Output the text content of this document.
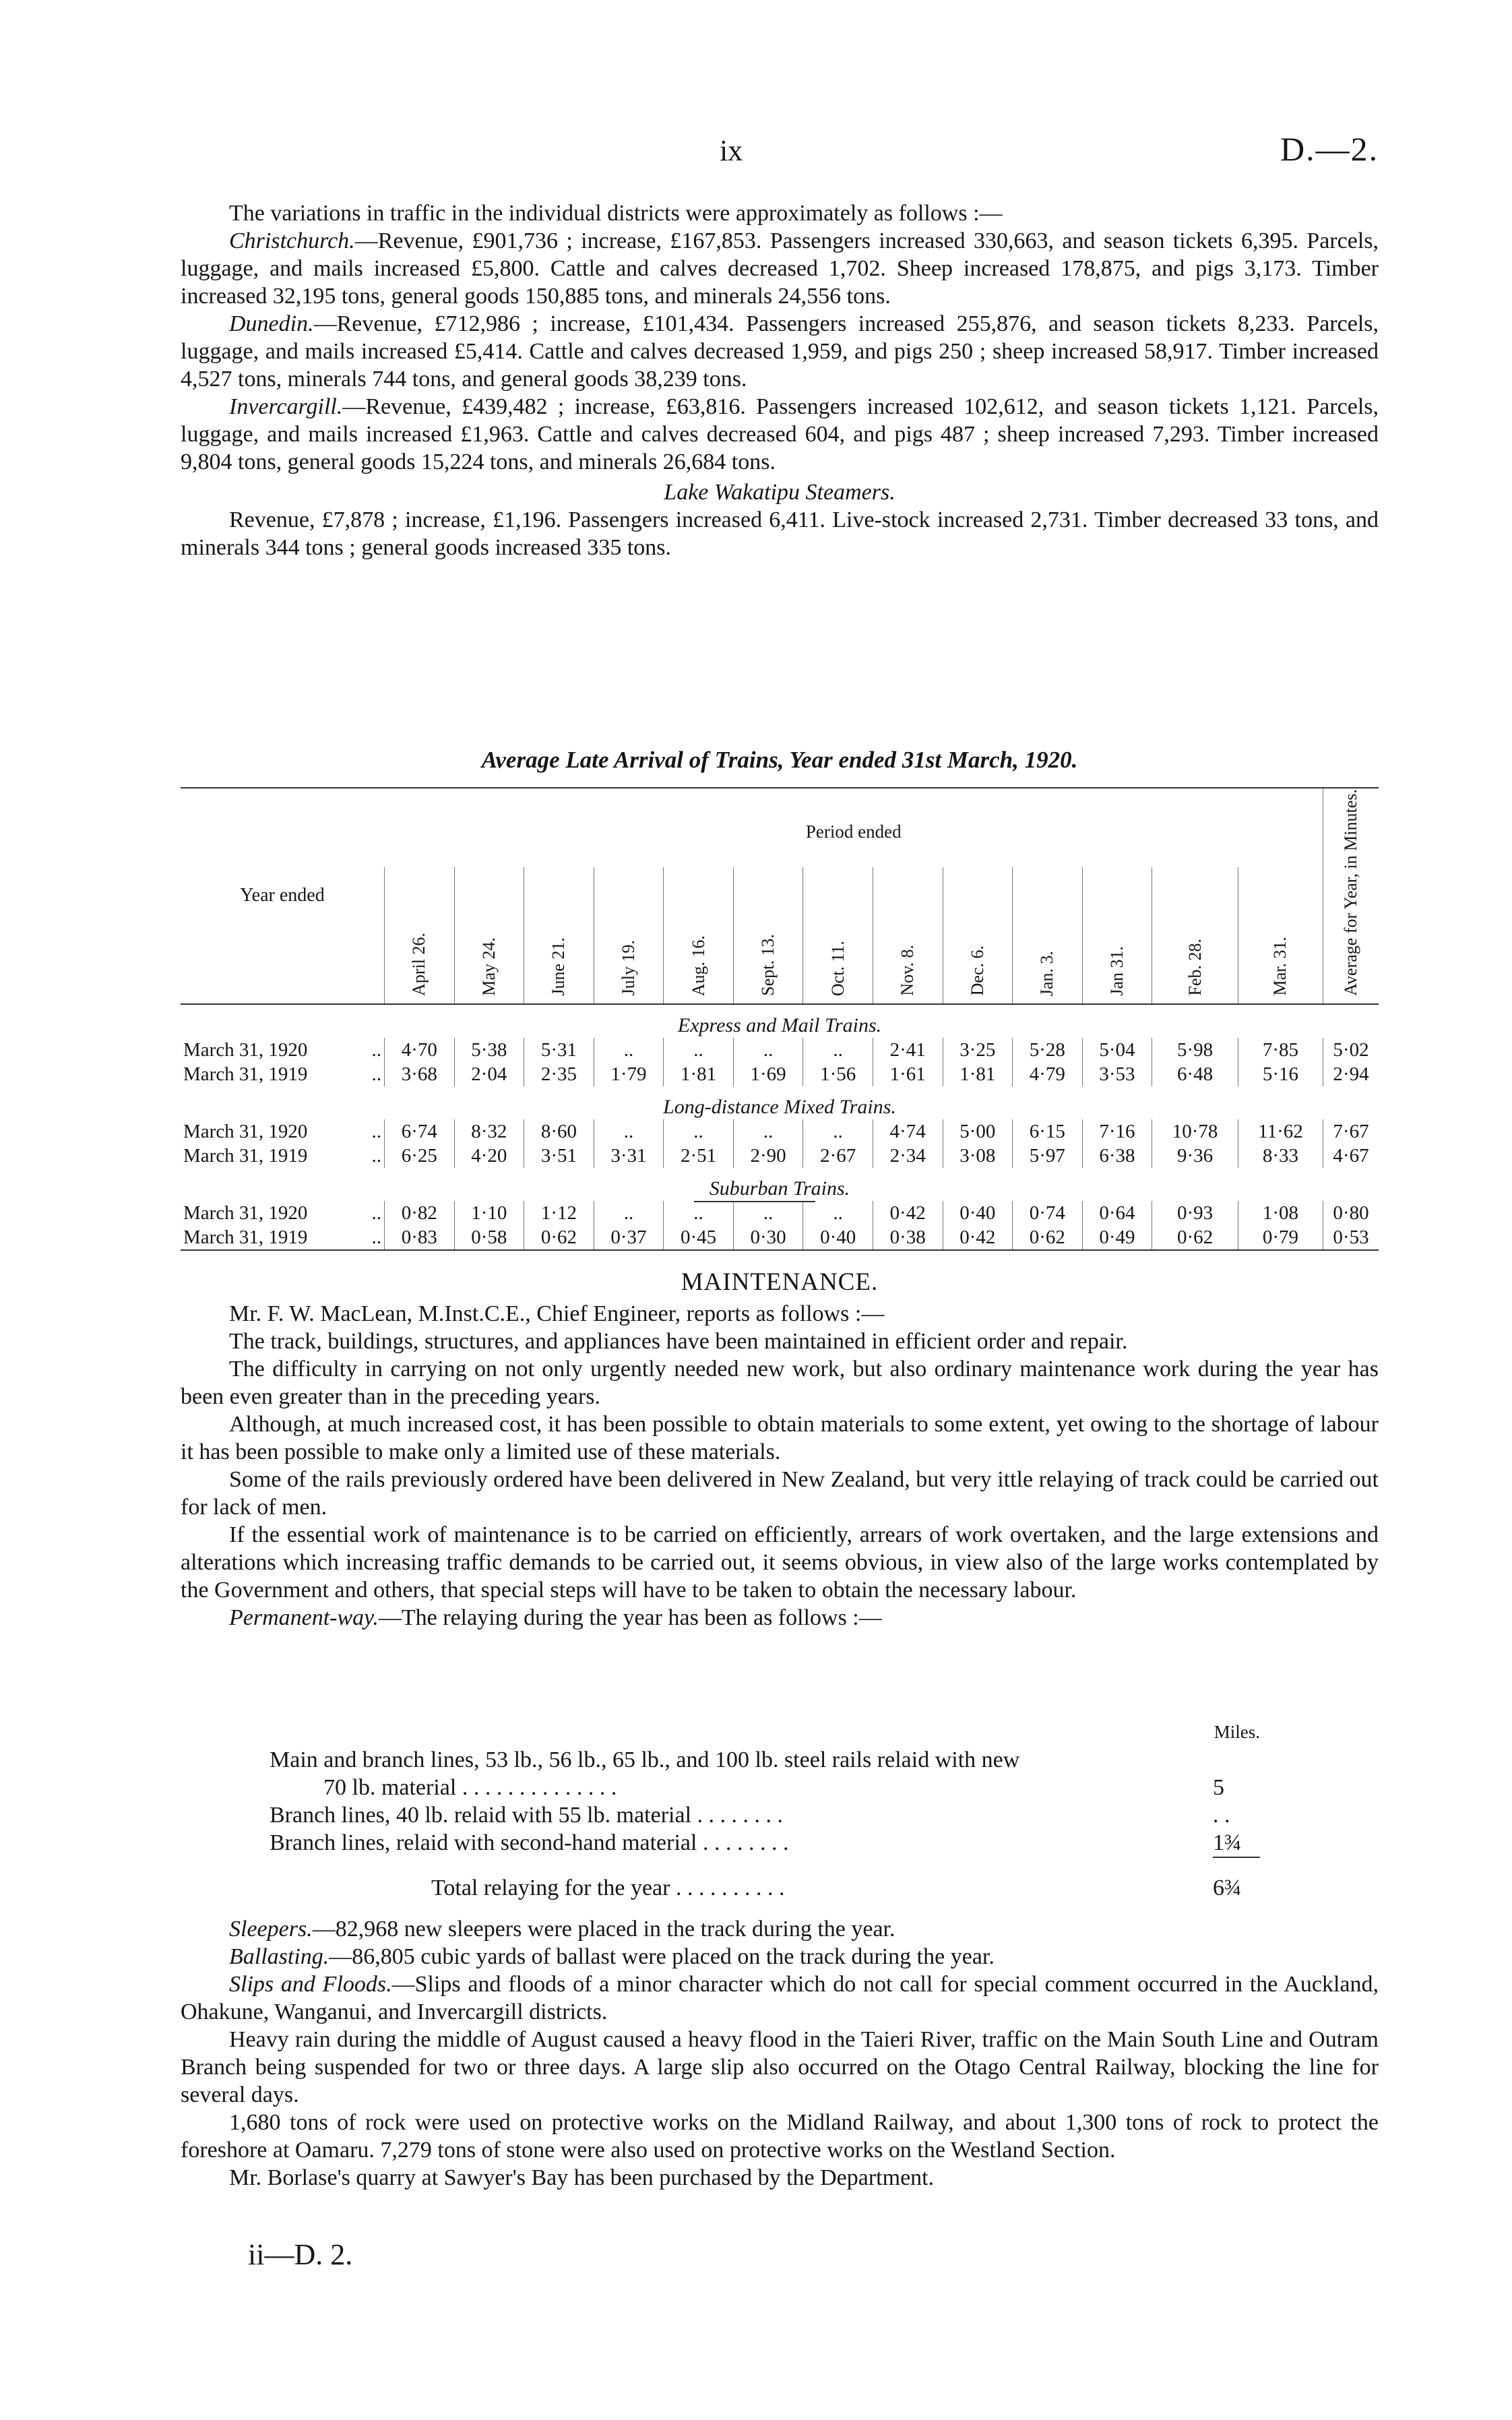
ix	D.—2.

The variations in traffic in the individual districts were approximately as follows :—

Christchurch.—Revenue, £901,736 ; increase, £167,853. Passengers increased 330,663, and season tickets 6,395. Parcels, luggage, and mails increased £5,800. Cattle and calves decreased 1,702. Sheep increased 178,875, and pigs 3,173. Timber increased 32,195 tons, general goods 150,885 tons, and minerals 24,556 tons.

Dunedin.—Revenue, £712,986 ; increase, £101,434. Passengers increased 255,876, and season tickets 8,233. Parcels, luggage, and mails increased £5,414. Cattle and calves decreased 1,959, and pigs 250 ; sheep increased 58,917. Timber increased 4,527 tons, minerals 744 tons, and general goods 38,239 tons.

Invercargill.—Revenue, £439,482 ; increase, £63,816. Passengers increased 102,612, and season tickets 1,121. Parcels, luggage, and mails increased £1,963. Cattle and calves decreased 604, and pigs 487 ; sheep increased 7,293. Timber increased 9,804 tons, general goods 15,224 tons, and minerals 26,684 tons.

Lake Wakatipu Steamers.

Revenue, £7,878 ; increase, £1,196. Passengers increased 6,411. Live-stock increased 2,731. Timber decreased 33 tons, and minerals 344 tons ; general goods increased 335 tons.

Average Late Arrival of Trains, Year ended 31st March, 1920.
Year ended	Period ended													Average for Year, in Minutes.

	April 26.	May 24.	June 21.	July 19.	Aug. 16.	Sept. 13.	Oct. 11.	Nov. 8.	Dec. 6.	Jan. 3.	Jan 31.	Feb. 28.	Mar. 31.	

Express and Mail Trains.														
March 31, 1920 ..	4·70	5·38	5·31	..	..	..	..	2·41	3·25	5·28	5·04	5·98	7·85	5·02
March 31, 1919 ..	3·68	2·04	2·35	1·79	1·81	1·69	1·56	1·61	1·81	4·79	3·53	6·48	5·16	2·94
Long-distance Mixed Trains.														
March 31, 1920 ..	6·74	8·32	8·60	..	..	..	..	4·74	5·00	6·15	7·16	10·78	11·62	7·67
March 31, 1919 ..	6·25	4·20	3·51	3·31	2·51	2·90	2·67	2·34	3·08	5·97	6·38	9·36	8·33	4·67
Suburban Trains.														
March 31, 1920 ..	0·82	1·10	1·12	..	..	..	..	0·42	0·40	0·74	0·64	0·93	1·08	0·80
March 31, 1919 ..	0·83	0·58	0·62	0·37	0·45	0·30	0·40	0·38	0·42	0·62	0·49	0·62	0·79	0·53

MAINTENANCE.

Mr. F. W. MacLean, M.Inst.C.E., Chief Engineer, reports as follows :—

The track, buildings, structures, and appliances have been maintained in efficient order and repair.

The difficulty in carrying on not only urgently needed new work, but also ordinary maintenance work during the year has been even greater than in the preceding years.

Although, at much increased cost, it has been possible to obtain materials to some extent, yet owing to the shortage of labour it has been possible to make only a limited use of these materials.

Some of the rails previously ordered have been delivered in New Zealand, but very ittle relaying of track could be carried out for lack of men.

If the essential work of maintenance is to be carried on efficiently, arrears of work overtaken, and the large extensions and alterations which increasing traffic demands to be carried out, it seems obvious, in view also of the large works contemplated by the Government and others, that special steps will have to be taken to obtain the necessary labour.

Permanent-way.—The relaying during the year has been as follows :—

Miles.
Main and branch lines, 53 lb., 56 lb., 65 lb., and 100 lb. steel rails relaid with new
70 lb. material . . . . . . . . . . . . . .	5
Branch lines, 40 lb. relaid with 55 lb. material . . . . . . . .	. .
Branch lines, relaid with second-hand material . . . . . . . .	1¾
Total relaying for the year . . . . . . . . . .	6¾

Sleepers.—82,968 new sleepers were placed in the track during the year.

Ballasting.—86,805 cubic yards of ballast were placed on the track during the year.

Slips and Floods.—Slips and floods of a minor character which do not call for special comment occurred in the Auckland, Ohakune, Wanganui, and Invercargill districts.

Heavy rain during the middle of August caused a heavy flood in the Taieri River, traffic on the Main South Line and Outram Branch being suspended for two or three days. A large slip also occurred on the Otago Central Railway, blocking the line for several days.

1,680 tons of rock were used on protective works on the Midland Railway, and about 1,300 tons of rock to protect the foreshore at Oamaru. 7,279 tons of stone were also used on protective works on the Westland Section.

Mr. Borlase's quarry at Sawyer's Bay has been purchased by the Department.

ii—D. 2.
